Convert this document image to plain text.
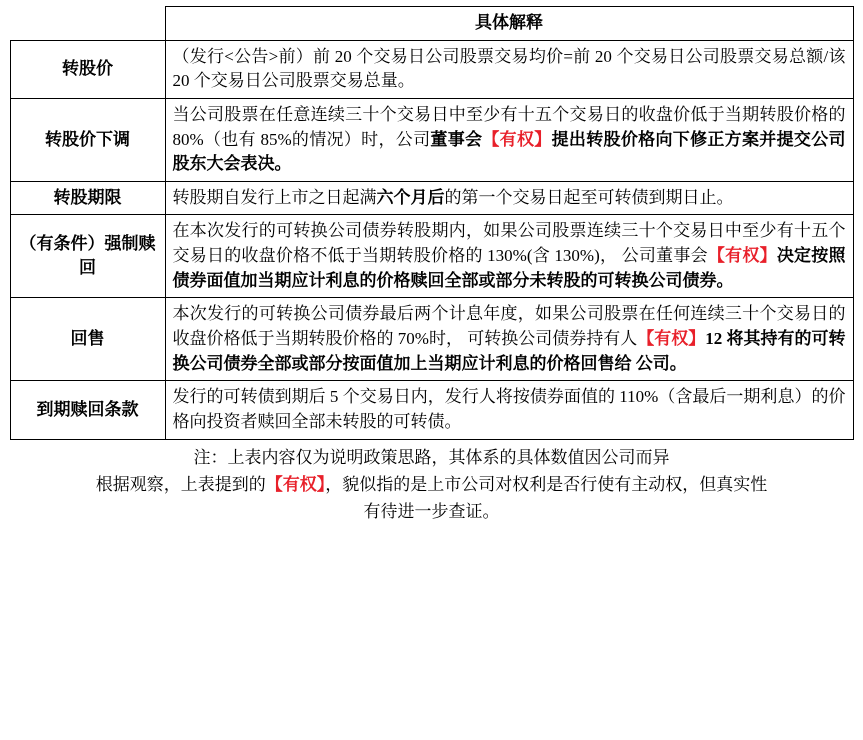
	具体解释
转股价	（发行<公告>前）前 20 个交易日公司股票交易均价=前 20 个交易日公司股票交易总额/该 20 个交易日公司股票交易总量。
转股价下调	当公司股票在任意连续三十个交易日中至少有十五个交易日的收盘价低于当期转股价格的 80%（也有 85%的情况）时，公司董事会【有权】提出转股价格向下修正方案并提交公司股东大会表决。
转股期限	转股期自发行上市之日起满六个月后的第一个交易日起至可转债到期日止。
（有条件）强制赎回	在本次发行的可转换公司债券转股期内，如果公司股票连续三十个交易日中至少有十五个交易日的收盘价格不低于当期转股价格的 130%(含 130%)， 公司董事会【有权】决定按照债券面值加当期应计利息的价格赎回全部或部分未转股的可转换公司债券。
回售	本次发行的可转换公司债券最后两个计息年度，如果公司股票在任何连续三十个交易日的收盘价格低于当期转股价格的 70%时， 可转换公司债券持有人【有权】12 将其持有的可转换公司债券全部或部分按面值加上当期应计利息的价格回售给 公司。
到期赎回条款	发行的可转债到期后 5 个交易日内，发行人将按债券面值的 110%（含最后一期利息）的价格向投资者赎回全部未转股的可转债。
注：上表内容仅为说明政策思路，其体系的具体数值因公司而异
根据观察，上表提到的【有权】，貌似指的是上市公司对权利是否行使有主动权，但真实性
有待进一步查证。
